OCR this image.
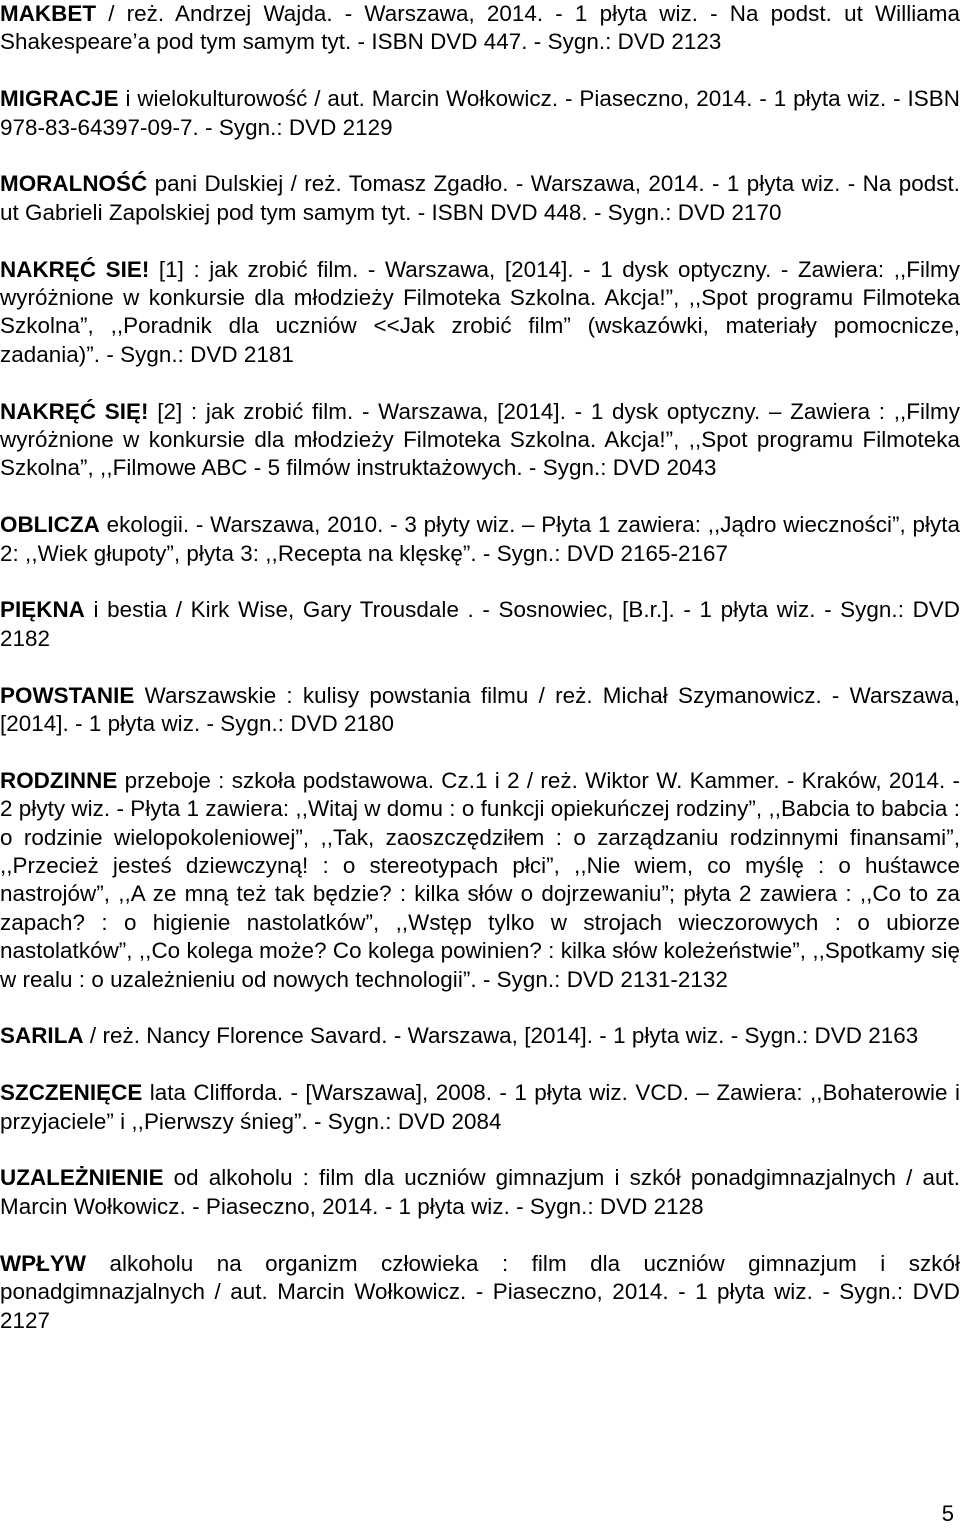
MAKBET / reż. Andrzej Wajda. - Warszawa, 2014. - 1 płyta wiz. - Na podst. ut Williama Shakespeare’a pod tym samym tyt. - ISBN DVD 447. - Sygn.: DVD 2123

MIGRACJE i wielokulturowość / aut. Marcin Wołkowicz. - Piaseczno, 2014. - 1 płyta wiz. - ISBN 978-83-64397-09-7. - Sygn.: DVD 2129

MORALNOŚĆ pani Dulskiej / reż. Tomasz Zgadło. - Warszawa, 2014. - 1 płyta wiz. - Na podst. ut Gabrieli Zapolskiej pod tym samym tyt. - ISBN DVD 448. - Sygn.: DVD 2170

NAKRĘĆ SIE! [1] : jak zrobić film. - Warszawa, [2014]. - 1 dysk optyczny. - Zawiera: ,,Filmy wyróżnione w konkursie dla młodzieży Filmoteka Szkolna. Akcja!”, ,,Spot programu Filmoteka Szkolna”, ,,Poradnik dla uczniów <<Jak zrobić film” (wskazówki, materiały pomocnicze, zadania)”. - Sygn.: DVD 2181

NAKRĘĆ SIĘ! [2] : jak zrobić film. - Warszawa, [2014]. - 1 dysk optyczny. – Zawiera : ,,Filmy wyróżnione w konkursie dla młodzieży Filmoteka Szkolna. Akcja!”, ,,Spot programu Filmoteka Szkolna”, ,,Filmowe ABC - 5 filmów instruktażowych. - Sygn.: DVD 2043

OBLICZA ekologii. - Warszawa, 2010. - 3 płyty wiz. – Płyta 1 zawiera: ,,Jądro wieczności”, płyta 2: ,,Wiek głupoty”, płyta 3: ,,Recepta na klęskę”. - Sygn.: DVD 2165-2167

PIĘKNA i bestia / Kirk Wise, Gary Trousdale . - Sosnowiec, [B.r.]. - 1 płyta wiz. - Sygn.: DVD 2182

POWSTANIE Warszawskie : kulisy powstania filmu / reż. Michał Szymanowicz. - Warszawa, [2014]. - 1 płyta wiz. - Sygn.: DVD 2180

RODZINNE przeboje : szkoła podstawowa. Cz.1 i 2 / reż. Wiktor W. Kammer. - Kraków, 2014. - 2 płyty wiz. - Płyta 1 zawiera: ,,Witaj w domu : o funkcji opiekuńczej rodziny”, ,,Babcia to babcia : o rodzinie wielopokoleniowej”, ,,Tak, zaoszczędziłem : o zarządzaniu rodzinnymi finansami”, ,,Przecież jesteś dziewczyną! : o stereotypach płci”, ,,Nie wiem, co myślę : o huśtawce nastrojów”, ,,A ze mną też tak będzie? : kilka słów o dojrzewaniu”; płyta 2 zawiera : ,,Co to za zapach? : o higienie nastolatków”, ,,Wstęp tylko w strojach wieczorowych : o ubiorze nastolatków”, ,,Co kolega może? Co kolega powinien? : kilka słów koleżeństwie”, ,,Spotkamy się w realu : o uzależnieniu od nowych technologii”. - Sygn.: DVD 2131-2132

SARILA / reż. Nancy Florence Savard. - Warszawa, [2014]. - 1 płyta wiz. - Sygn.: DVD 2163

SZCZENIĘCE lata Clifforda. - [Warszawa], 2008. - 1 płyta wiz. VCD. – Zawiera: ,,Bohaterowie i przyjaciele” i ,,Pierwszy śnieg”. - Sygn.: DVD 2084

UZALEŻNIENIE od alkoholu : film dla uczniów gimnazjum i szkół ponadgimnazjalnych / aut. Marcin Wołkowicz. - Piaseczno, 2014. - 1 płyta wiz. - Sygn.: DVD 2128

WPŁYW alkoholu na organizm człowieka : film dla uczniów gimnazjum i szkół ponadgimnazjalnych / aut. Marcin Wołkowicz. - Piaseczno, 2014. - 1 płyta wiz. - Sygn.: DVD 2127

5
